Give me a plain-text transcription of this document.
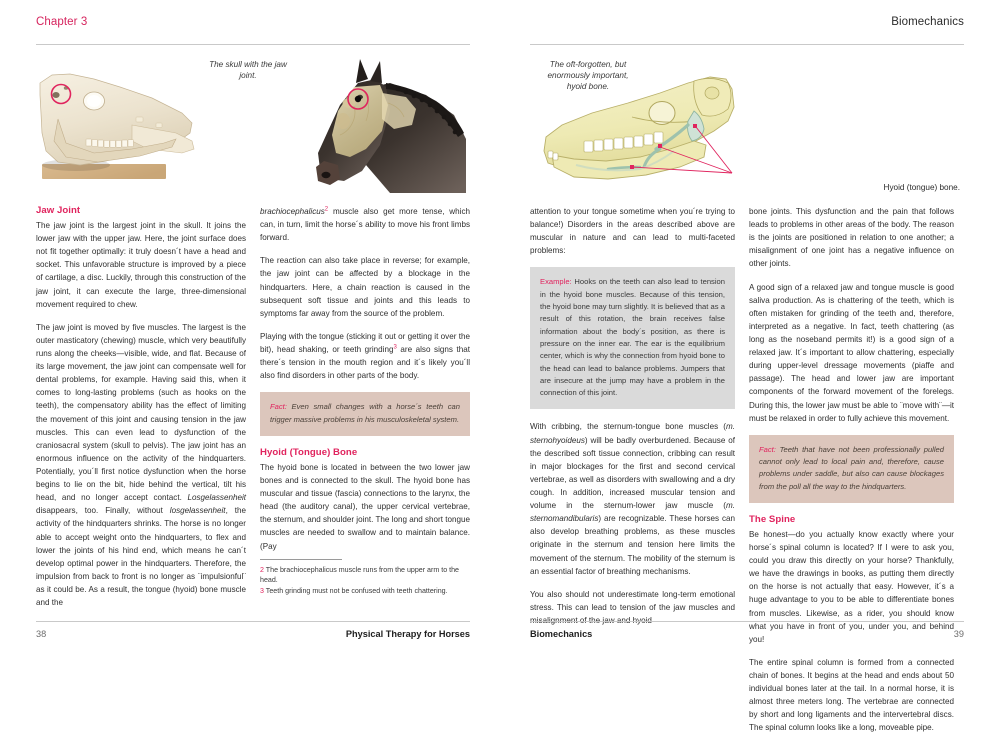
Chapter 3
The skull with the jaw joint.
Jaw Joint

The jaw joint is the largest joint in the skull. It joins the lower jaw with the upper jaw. Here, the joint surface does not fit together optimally: it truly doesn´t have a head and socket. This unfavorable structure is improved by a piece of cartilage, a disc. Luckily, through this construction of the jaw joint, it can execute the large, three-dimensional movement required to chew.

The jaw joint is moved by five muscles. The largest is the outer masticatory (chewing) muscle, which very beautifully runs along the cheeks—visible, wide, and flat. Because of its large movement, the jaw joint can compensate well for dental problems, for example. Having said this, when it comes to long-lasting problems (such as hooks on the teeth), the compensatory ability has the effect of limiting the movement of this joint and causing tension in the jaw muscles. This can even lead to dysfunction of the craniosacral system (skull to pelvis). The jaw joint has an enormous influence on the activity of the hindquarters. Potentially, you´ll first notice dysfunction when the horse begins to lie on the bit, hide behind the vertical, tilt his head, and no longer accept contact. Losgelassenheit disappears, too. Finally, without losgelassenheit, the activity of the hindquarters shrinks. The horse is no longer able to accept weight onto the hindquarters, to flex and lower the joints of his hind end, which means he can´t develop optimal power in the hindquarters. Therefore, the impulsion from back to front is no longer as ¨impulsionful¨ as it could be. As a result, the tongue (hyoid) bone muscle and the

brachiocephalicus$^2$ muscle also get more tense, which can, in turn, limit the horse´s ability to move his front limbs forward.

The reaction can also take place in reverse; for example, the jaw joint can be affected by a blockage in the hindquarters. Here, a chain reaction is caused in the subsequent soft tissue and joints and this leads to symptoms far away from the source of the problem.

Playing with the tongue (sticking it out or getting it over the bit), head shaking, or teeth grinding$^3$ are also signs that there´s tension in the mouth region and it´s likely you´ll also find disorders in other parts of the body.

Fact: Even small changes with a horse´s teeth can trigger massive problems in his musculoskeletal system.
Hyoid (Tongue) Bone

The hyoid bone is located in between the two lower jaw bones and is connected to the skull. The hyoid bone has muscular and tissue (fascia) connections to the larynx, the head (the auditory canal), the upper cervical vertebrae, the sternum, and shoulder joint. The long and short tongue muscles are needed to swallow and to maintain balance. (Pay

2 The brachiocephalicus muscle runs from the upper arm to the head.
3 Teeth grinding must not be confused with teeth chattering.
38	Physical Therapy for Horses
Biomechanics
The oft-forgotten, but enormously important, hyoid bone.
Hyoid (tongue) bone.

attention to your tongue sometime when you´re trying to balance!) Disorders in the areas described above are muscular in nature and can lead to multi-faceted problems:

Example: Hooks on the teeth can also lead to tension in the hyoid bone muscles. Because of this tension, the hyoid bone may turn slightly. It is believed that as a result of this rotation, the brain receives false information about the body´s position, as there is pressure on the inner ear. The ear is the equilibrium center, which is why the connection from hyoid bone to the head can lead to balance problems. Jumpers that are insecure at the jump may have a problem in the connection of this joint.

With cribbing, the sternum-tongue bone muscles (m. sternohyoideus) will be badly overburdened. Because of the described soft tissue connection, cribbing can result in major blockages for the first and second cervical vertebrae, as well as disorders with swallowing and a dry cough. In addition, increased muscular tension and volume in the sternum-lower jaw muscle (m. sternomandibularis) are recognizable. These horses can also develop breathing problems, as these muscles originate in the sternum and tension here limits the movement of the sternum. The mobility of the sternum is an essential factor of breathing mechanisms.

You also should not underestimate long-term emotional stress. This can lead to tension of the jaw muscles and misalignment of the jaw and hyoid

bone joints. This dysfunction and the pain that follows leads to problems in other areas of the body. The reason is the joints are positioned in relation to one another; a misalignment of one joint has a negative influence on other joints.

A good sign of a relaxed jaw and tongue muscle is good saliva production. As is chattering of the teeth, which is often mistaken for grinding of the teeth and, therefore, interpreted as a negative. In fact, teeth chattering (as long as the noseband permits it!) is a good sign of a relaxed jaw. It´s important to allow chattering, especially during upper-level dressage movements (piaffe and passage). The head and lower jaw are important components of the forward movement of the forelegs. During this, the lower jaw must be able to ¨move with¨—it must be relaxed in order to fully achieve this movement.

Fact: Teeth that have not been professionally pulled cannot only lead to local pain and, therefore, cause problems under saddle, but also can cause blockages from the poll all the way to the hindquarters.
The Spine

Be honest—do you actually know exactly where your horse´s spinal column is located? If I were to ask you, could you draw this directly on your horse? Thankfully, we have the drawings in books, as putting them directly on the horse is not actually that easy. However, it´s a huge advantage to you to be able to differentiate bones from muscles. Likewise, as a rider, you should know what you have in front of you, under you, and behind you!

The entire spinal column is formed from a connected chain of bones. It begins at the head and ends about 50 individual bones later at the tail. In a normal horse, it is almost three meters long. The vertebrae are connected by short and long ligaments and the intervertebral discs. The spinal column looks like a long, moveable pipe.

Biomechanics	39
